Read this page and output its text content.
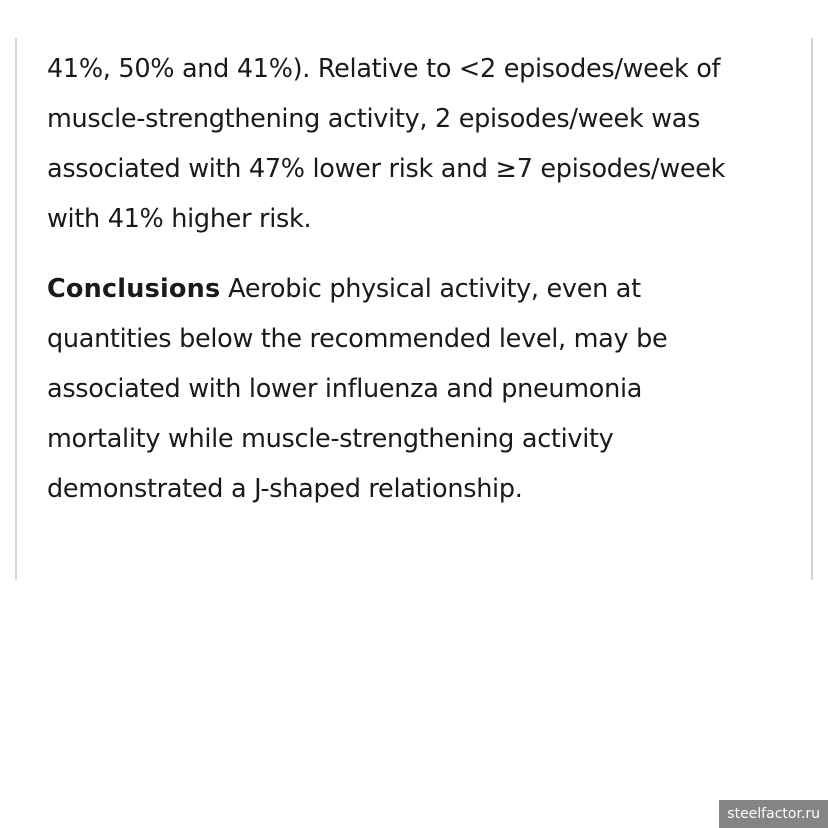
41%, 50% and 41%). Relative to <2 episodes/week of
muscle-strengthening activity, 2 episodes/week was
associated with 47% lower risk and ≥7 episodes/week
with 41% higher risk.

Conclusions Aerobic physical activity, even at
quantities below the recommended level, may be
associated with lower influenza and pneumonia
mortality while muscle-strengthening activity
demonstrated a J-shaped relationship.

steelfactor.ru
